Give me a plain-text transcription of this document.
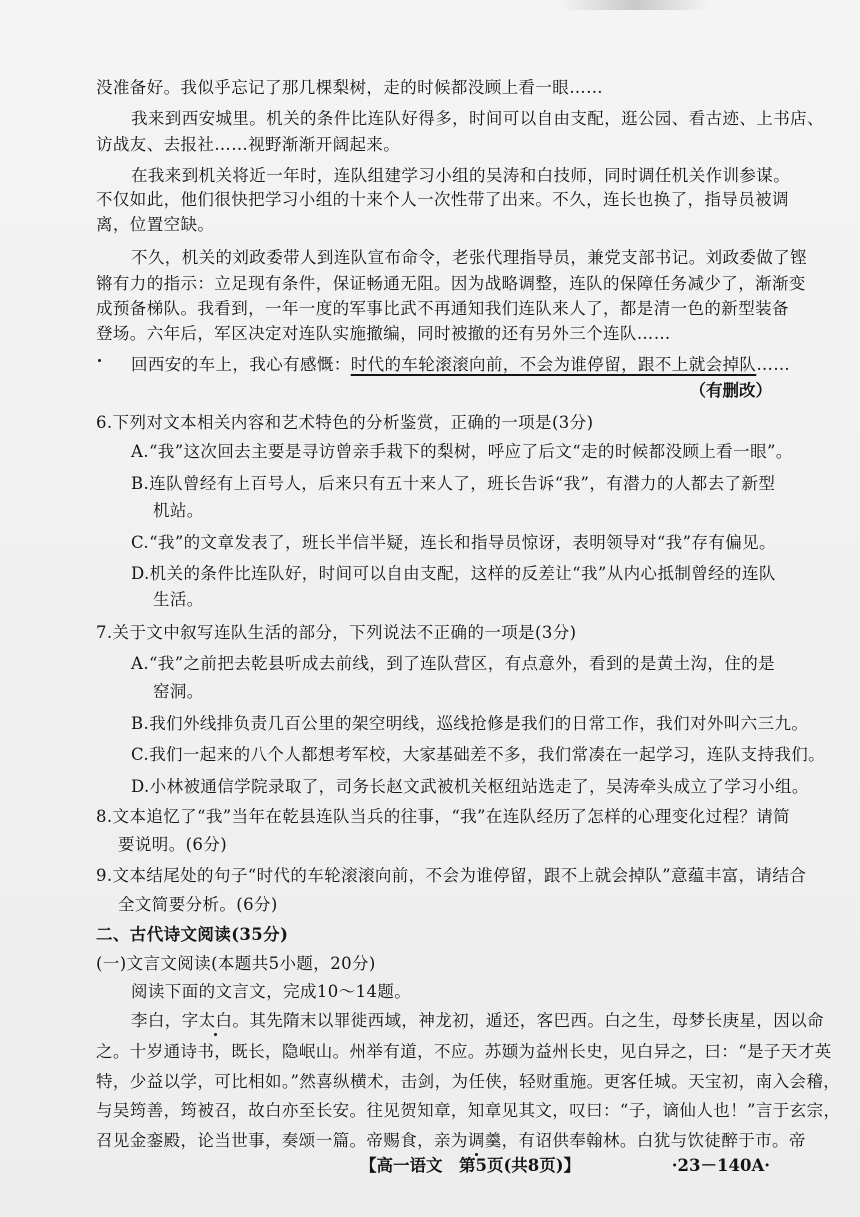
没准备好。我似乎忘记了那几棵梨树，走的时候都没顾上看一眼……
我来到西安城里。机关的条件比连队好得多，时间可以自由支配，逛公园、看古迹、上书店、
访战友、去报社……视野渐渐开阔起来。
在我来到机关将近一年时，连队组建学习小组的吴涛和白技师，同时调任机关作训参谋。
不仅如此，他们很快把学习小组的十来个人一次性带了出来。不久，连长也换了，指导员被调
离，位置空缺。
不久，机关的刘政委带人到连队宣布命令，老张代理指导员，兼党支部书记。刘政委做了铿
锵有力的指示：立足现有条件，保证畅通无阻。因为战略调整，连队的保障任务减少了，渐渐变
成预备梯队。我看到，一年一度的军事比武不再通知我们连队来人了，都是清一色的新型装备
登场。六年后，军区决定对连队实施撤编，同时被撤的还有另外三个连队……
回西安的车上，我心有感慨：时代的车轮滚滚向前，不会为谁停留，跟不上就会掉队……
（有删改）
6.下列对文本相关内容和艺术特色的分析鉴赏，正确的一项是(3分)
A.“我”这次回去主要是寻访曾亲手栽下的梨树，呼应了后文“走的时候都没顾上看一眼”。
B.连队曾经有上百号人，后来只有五十来人了，班长告诉“我”，有潜力的人都去了新型
机站。
C.“我”的文章发表了，班长半信半疑，连长和指导员惊讶，表明领导对“我”存有偏见。
D.机关的条件比连队好，时间可以自由支配，这样的反差让“我”从内心抵制曾经的连队
生活。
7.关于文中叙写连队生活的部分，下列说法不正确的一项是(3分)
A.“我”之前把去乾县听成去前线，到了连队营区，有点意外，看到的是黄土沟，住的是
窑洞。
B.我们外线排负责几百公里的架空明线，巡线抢修是我们的日常工作，我们对外叫六三九。
C.我们一起来的八个人都想考军校，大家基础差不多，我们常凑在一起学习，连队支持我们。
D.小林被通信学院录取了，司务长赵文武被机关枢纽站选走了，吴涛牵头成立了学习小组。
8.文本追忆了“我”当年在乾县连队当兵的往事，“我”在连队经历了怎样的心理变化过程？请简
要说明。(6分)
9.文本结尾处的句子“时代的车轮滚滚向前，不会为谁停留，跟不上就会掉队”意蕴丰富，请结合
全文简要分析。(6分)
二、古代诗文阅读(35分)
(一)文言文阅读(本题共5小题，20分)
阅读下面的文言文，完成10～14题。
李白，字太白。其先隋末以罪徙西域，神龙初，遁还，客巴西。白之生，母梦长庚星，因以命
之。十岁通诗书，既长，隐岷山。州举有道，不应。苏颋为益州长史，见白异之，曰：“是子天才英
特，少益以学，可比相如。”然喜纵横术，击剑，为任侠，轻财重施。更客任城。天宝初，南入会稽，
与吴筠善，筠被召，故白亦至长安。往见贺知章，知章见其文，叹曰：“子，谪仙人也！”言于玄宗，
召见金銮殿，论当世事，奏颂一篇。帝赐食，亲为调羹，有诏供奉翰林。白犹与饮徒醉于市。帝
【高一语文　第5页(共8页)】	·23－140A·
